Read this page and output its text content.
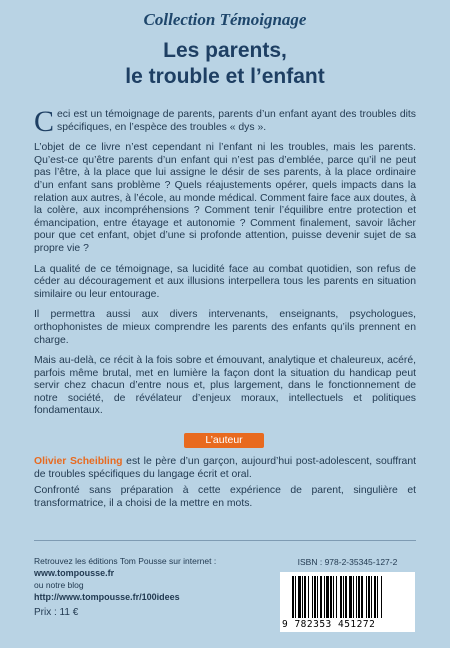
Collection Témoignage
Les parents,
le trouble et l’enfant

Ceci est un témoignage de parents, parents d’un enfant ayant des troubles dits spécifiques, en l’espèce des troubles « dys ».

L’objet de ce livre n’est cependant ni l’enfant ni les troubles, mais les parents. Qu’est-ce qu’être parents d’un enfant qui n’est pas d’emblée, parce qu’il ne peut pas l’être, à la place que lui assigne le désir de ses parents, à la place ordinaire d’un enfant sans problème ? Quels réajustements opérer, quels impacts dans la relation aux autres, à l’école, au monde médical. Comment faire face aux doutes, à la colère, aux incompréhensions ? Comment tenir l’équilibre entre protection et émancipation, entre étayage et autonomie ? Comment finalement, savoir lâcher pour que cet enfant, objet d’une si profonde attention, puisse devenir sujet de sa propre vie ?

La qualité de ce témoignage, sa lucidité face au combat quotidien, son refus de céder au découragement et aux illusions interpellera tous les parents en situation similaire ou leur entourage.

Il permettra aussi aux divers intervenants, enseignants, psychologues, orthophonistes de mieux comprendre les parents des enfants qu’ils prennent en charge.

Mais au-delà, ce récit à la fois sobre et émouvant, analytique et chaleureux, acéré, parfois même brutal, met en lumière la façon dont la situation du handicap peut servir chez chacun d’entre nous et, plus largement, dans le fonctionnement de notre société, de révélateur d’enjeux moraux, intellectuels et politiques fondamentaux.

L’auteur

Olivier Scheibling est le père d’un garçon, aujourd’hui post-adolescent, souffrant de troubles spécifiques du langage écrit et oral.

Confronté sans préparation à cette expérience de parent, singulière et transformatrice, il a choisi de la mettre en mots.

Retrouvez les éditions Tom Pousse sur internet :
www.tompousse.fr
ou notre blog
http://www.tompousse.fr/100idees
Prix : 11 €
ISBN : 978-2-35345-127-2
9 782353 451272
